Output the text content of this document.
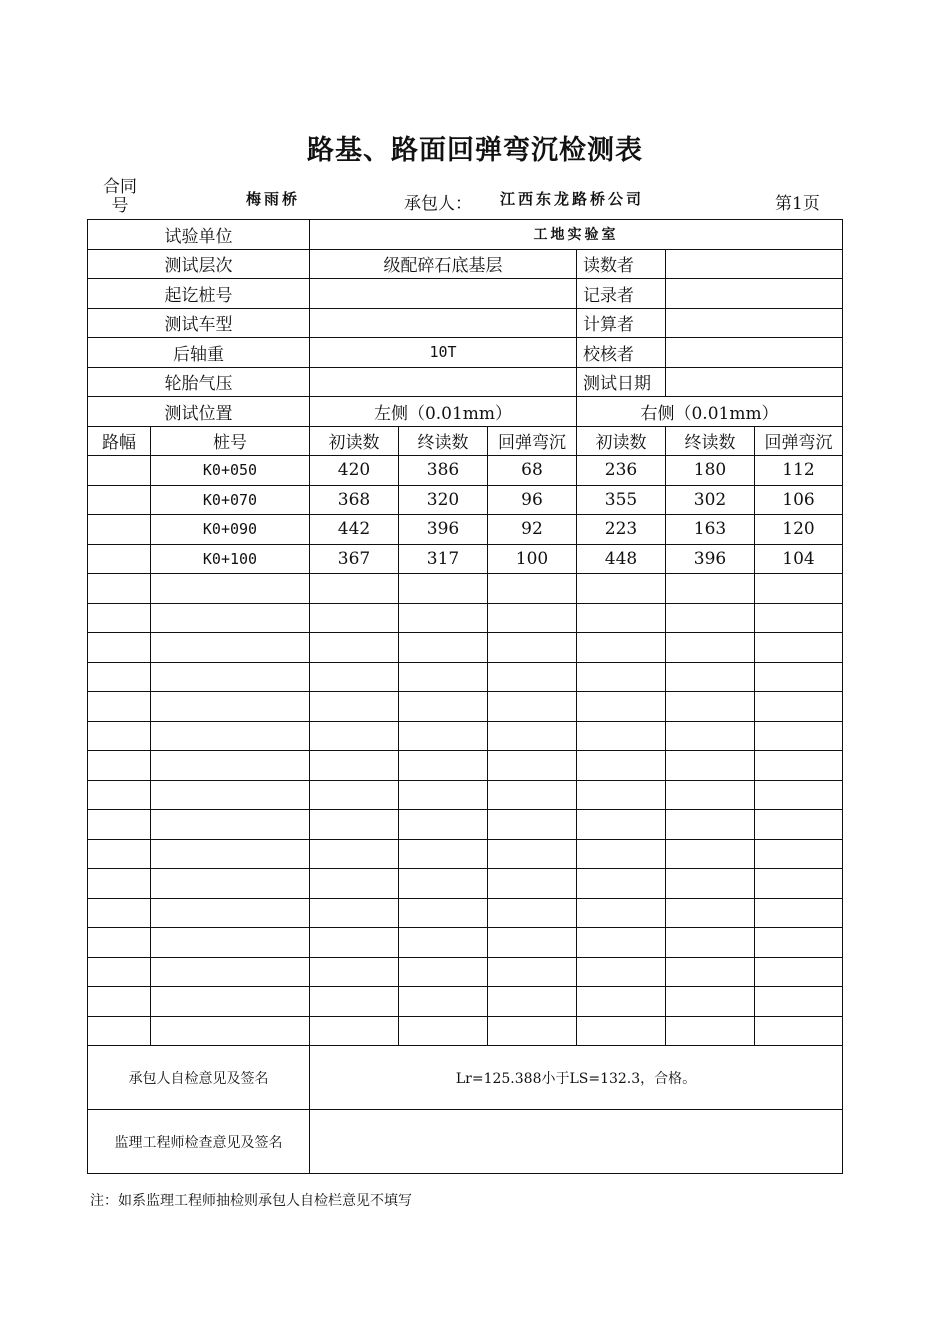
路基、路面回弹弯沉检测表
合同号	梅雨桥	承包人： 江西东龙路桥公司	第1页
试验单位		工地实验室					
测试层次		级配碎石底基层			读数者		
起讫桩号					记录者		
测试车型					计算者		
后轴重		10T			校核者		
轮胎气压					测试日期		
测试位置		左侧（0.01mm）			右侧（0.01mm）		
路幅	桩号	初读数	终读数	回弹弯沉	初读数	终读数	回弹弯沉
	K0+050	420	386	68	236	180	112
	K0+070	368	320	96	355	302	106
	K0+090	442	396	92	223	163	120
	K0+100	367	317	100	448	396	104

承包人自检意见及签名		Lr=125.388小于LS=132.3，合格。					
监理工程师检查意见及签名							
注：如系监理工程师抽检则承包人自检栏意见不填写
